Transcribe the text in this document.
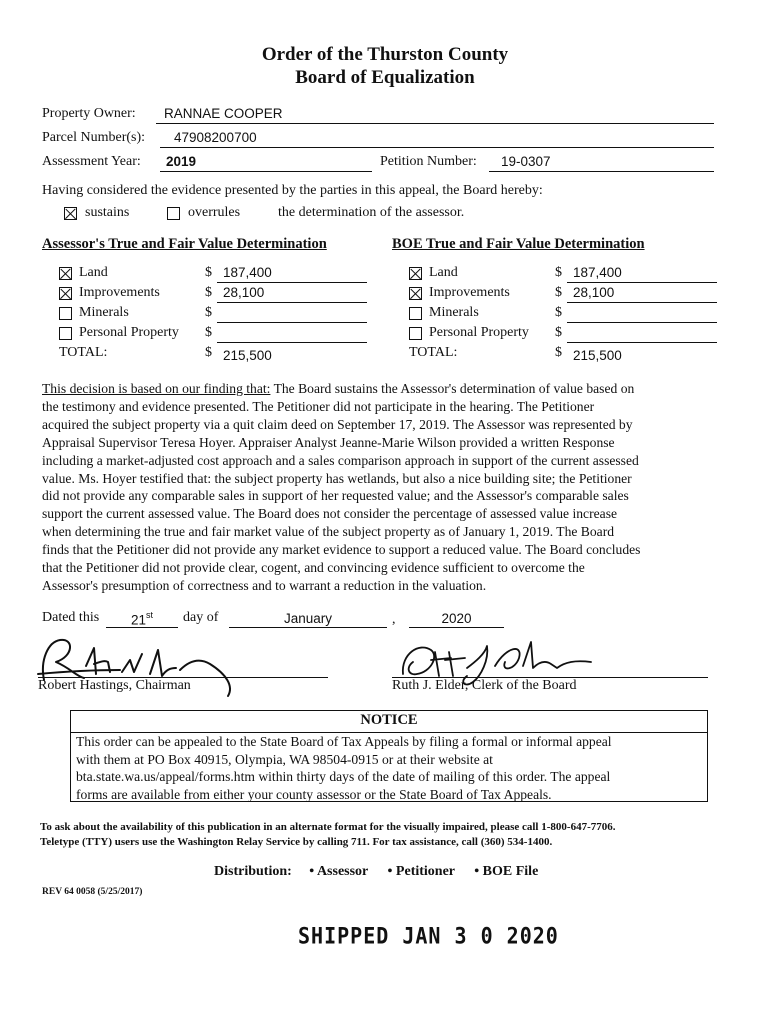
Order of the Thurston County
Board of Equalization
Property Owner: RANNAE COOPER
Parcel Number(s): 47908200700
Assessment Year: 2019	Petition Number: 19-0307
Having considered the evidence presented by the parties in this appeal, the Board hereby:
sustains	overrules	the determination of the assessor.
Assessor's True and Fair Value Determination
Land	$ 187,400
Improvements	$ 28,100
Minerals	$
Personal Property $
TOTAL:	$ 215,500
BOE True and Fair Value Determination
Land	$ 187,400
Improvements	$ 28,100
Minerals	$
Personal Property $
TOTAL:	$ 215,500
This decision is based on our finding that: The Board sustains the Assessor's determination of value based on
the testimony and evidence presented. The Petitioner did not participate in the hearing. The Petitioner
acquired the subject property via a quit claim deed on September 17, 2019. The Assessor was represented by
Appraisal Supervisor Teresa Hoyer. Appraiser Analyst Jeanne-Marie Wilson provided a written Response
including a market-adjusted cost approach and a sales comparison approach in support of the current assessed
value. Ms. Hoyer testified that: the subject property has wetlands, but also a nice building site; the Petitioner
did not provide any comparable sales in support of her requested value; and the Assessor's comparable sales
support the current assessed value. The Board does not consider the percentage of assessed value increase
when determining the true and fair market value of the subject property as of January 1, 2019. The Board
finds that the Petitioner did not provide any market evidence to support a reduced value. The Board concludes
that the Petitioner did not provide clear, cogent, and convincing evidence sufficient to overcome the
Assessor's presumption of correctness and to warrant a reduction in the valuation.
Dated this	21st	day of	January	,	2020
Robert Hastings, Chairman	Ruth J. Elder, Clerk of the Board
NOTICE
This order can be appealed to the State Board of Tax Appeals by filing a formal or informal appeal
with them at PO Box 40915, Olympia, WA 98504-0915 or at their website at
bta.state.wa.us/appeal/forms.htm within thirty days of the date of mailing of this order. The appeal
forms are available from either your county assessor or the State Board of Tax Appeals.
To ask about the availability of this publication in an alternate format for the visually impaired, please call 1-800-647-7706.
Teletype (TTY) users use the Washington Relay Service by calling 711. For tax assistance, call (360) 534-1400.
Distribution: • Assessor • Petitioner • BOE File
REV 64 0058 (5/25/2017)
SHIPPED JAN 3 0 2020
